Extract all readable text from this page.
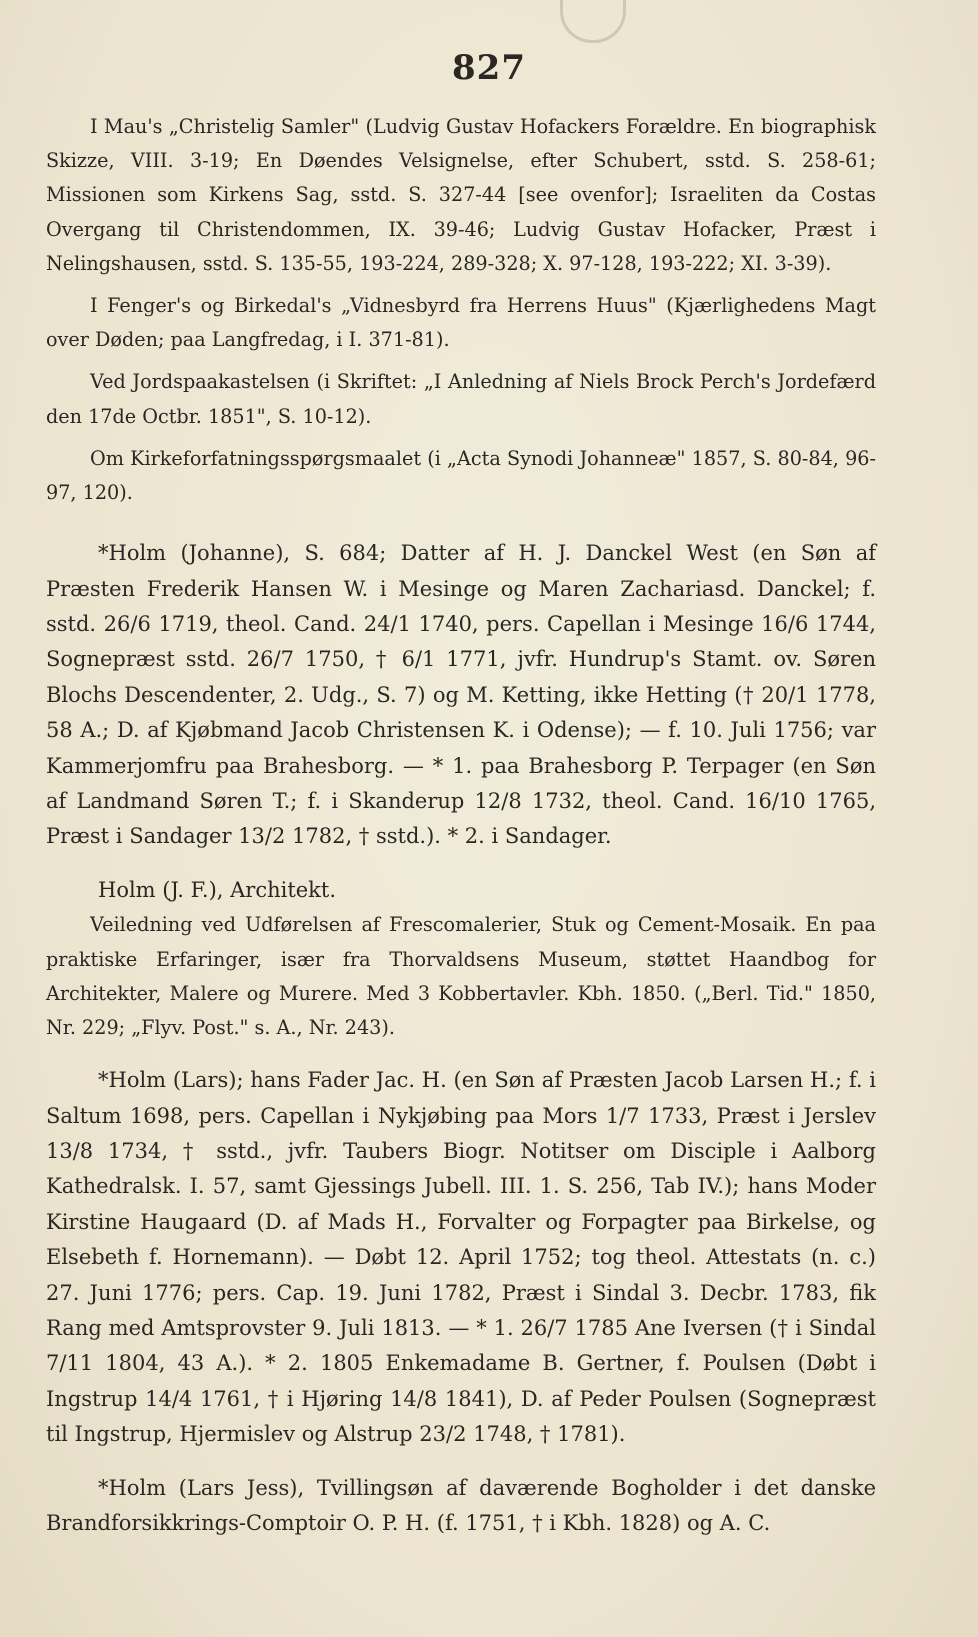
827

I Mau's „Christelig Samler" (Ludvig Gustav Hofackers Forældre. En biographisk Skizze, VIII. 3-19; En Døendes Velsignelse, efter Schubert, sstd. S. 258-61; Missionen som Kirkens Sag, sstd. S. 327-44 [see ovenfor]; Israeliten da Costas Overgang til Christendommen, IX. 39-46; Ludvig Gustav Hofacker, Præst i Nelingshausen, sstd. S. 135-55, 193-224, 289-328; X. 97-128, 193-222; XI. 3-39).

I Fenger's og Birkedal's „Vidnesbyrd fra Herrens Huus" (Kjærlighedens Magt over Døden; paa Langfredag, i I. 371-81).

Ved Jordspaakastelsen (i Skriftet: „I Anledning af Niels Brock Perch's Jordefærd den 17de Octbr. 1851", S. 10-12).

Om Kirkeforfatningsspørgsmaalet (i „Acta Synodi Johanneæ" 1857, S. 80-84, 96-97, 120).

*Holm (Johanne), S. 684; Datter af H. J. Danckel West (en Søn af Præsten Frederik Hansen W. i Mesinge og Maren Zachariasd. Danckel; f. sstd. 26/6 1719, theol. Cand. 24/1 1740, pers. Capellan i Mesinge 16/6 1744, Sognepræst sstd. 26/7 1750, † 6/1 1771, jvfr. Hundrup's Stamt. ov. Søren Blochs Descendenter, 2. Udg., S. 7) og M. Ketting, ikke Hetting († 20/1 1778, 58 A.; D. af Kjøbmand Jacob Christensen K. i Odense); — f. 10. Juli 1756; var Kammerjomfru paa Brahesborg. — * 1. paa Brahesborg P. Terpager (en Søn af Landmand Søren T.; f. i Skanderup 12/8 1732, theol. Cand. 16/10 1765, Præst i Sandager 13/2 1782, † sstd.). * 2. i Sandager.

Holm (J. F.), Architekt.

Veiledning ved Udførelsen af Frescomalerier, Stuk og Cement-Mosaik. En paa praktiske Erfaringer, især fra Thorvaldsens Museum, støttet Haandbog for Architekter, Malere og Murere. Med 3 Kobbertavler. Kbh. 1850. („Berl. Tid." 1850, Nr. 229; „Flyv. Post." s. A., Nr. 243).

*Holm (Lars); hans Fader Jac. H. (en Søn af Præsten Jacob Larsen H.; f. i Saltum 1698, pers. Capellan i Nykjøbing paa Mors 1/7 1733, Præst i Jerslev 13/8 1734, † sstd., jvfr. Taubers Biogr. Notitser om Disciple i Aalborg Kathedralsk. I. 57, samt Gjessings Jubell. III. 1. S. 256, Tab IV.); hans Moder Kirstine Haugaard (D. af Mads H., Forvalter og Forpagter paa Birkelse, og Elsebeth f. Hornemann). — Døbt 12. April 1752; tog theol. Attestats (n. c.) 27. Juni 1776; pers. Cap. 19. Juni 1782, Præst i Sindal 3. Decbr. 1783, fik Rang med Amtsprovster 9. Juli 1813. — * 1. 26/7 1785 Ane Iversen († i Sindal 7/11 1804, 43 A.). * 2. 1805 Enkemadame B. Gertner, f. Poulsen (Døbt i Ingstrup 14/4 1761, † i Hjøring 14/8 1841), D. af Peder Poulsen (Sognepræst til Ingstrup, Hjermislev og Alstrup 23/2 1748, † 1781).

*Holm (Lars Jess), Tvillingsøn af daværende Bogholder i det danske Brandforsikkrings-Comptoir O. P. H. (f. 1751, † i Kbh. 1828) og A. C.
